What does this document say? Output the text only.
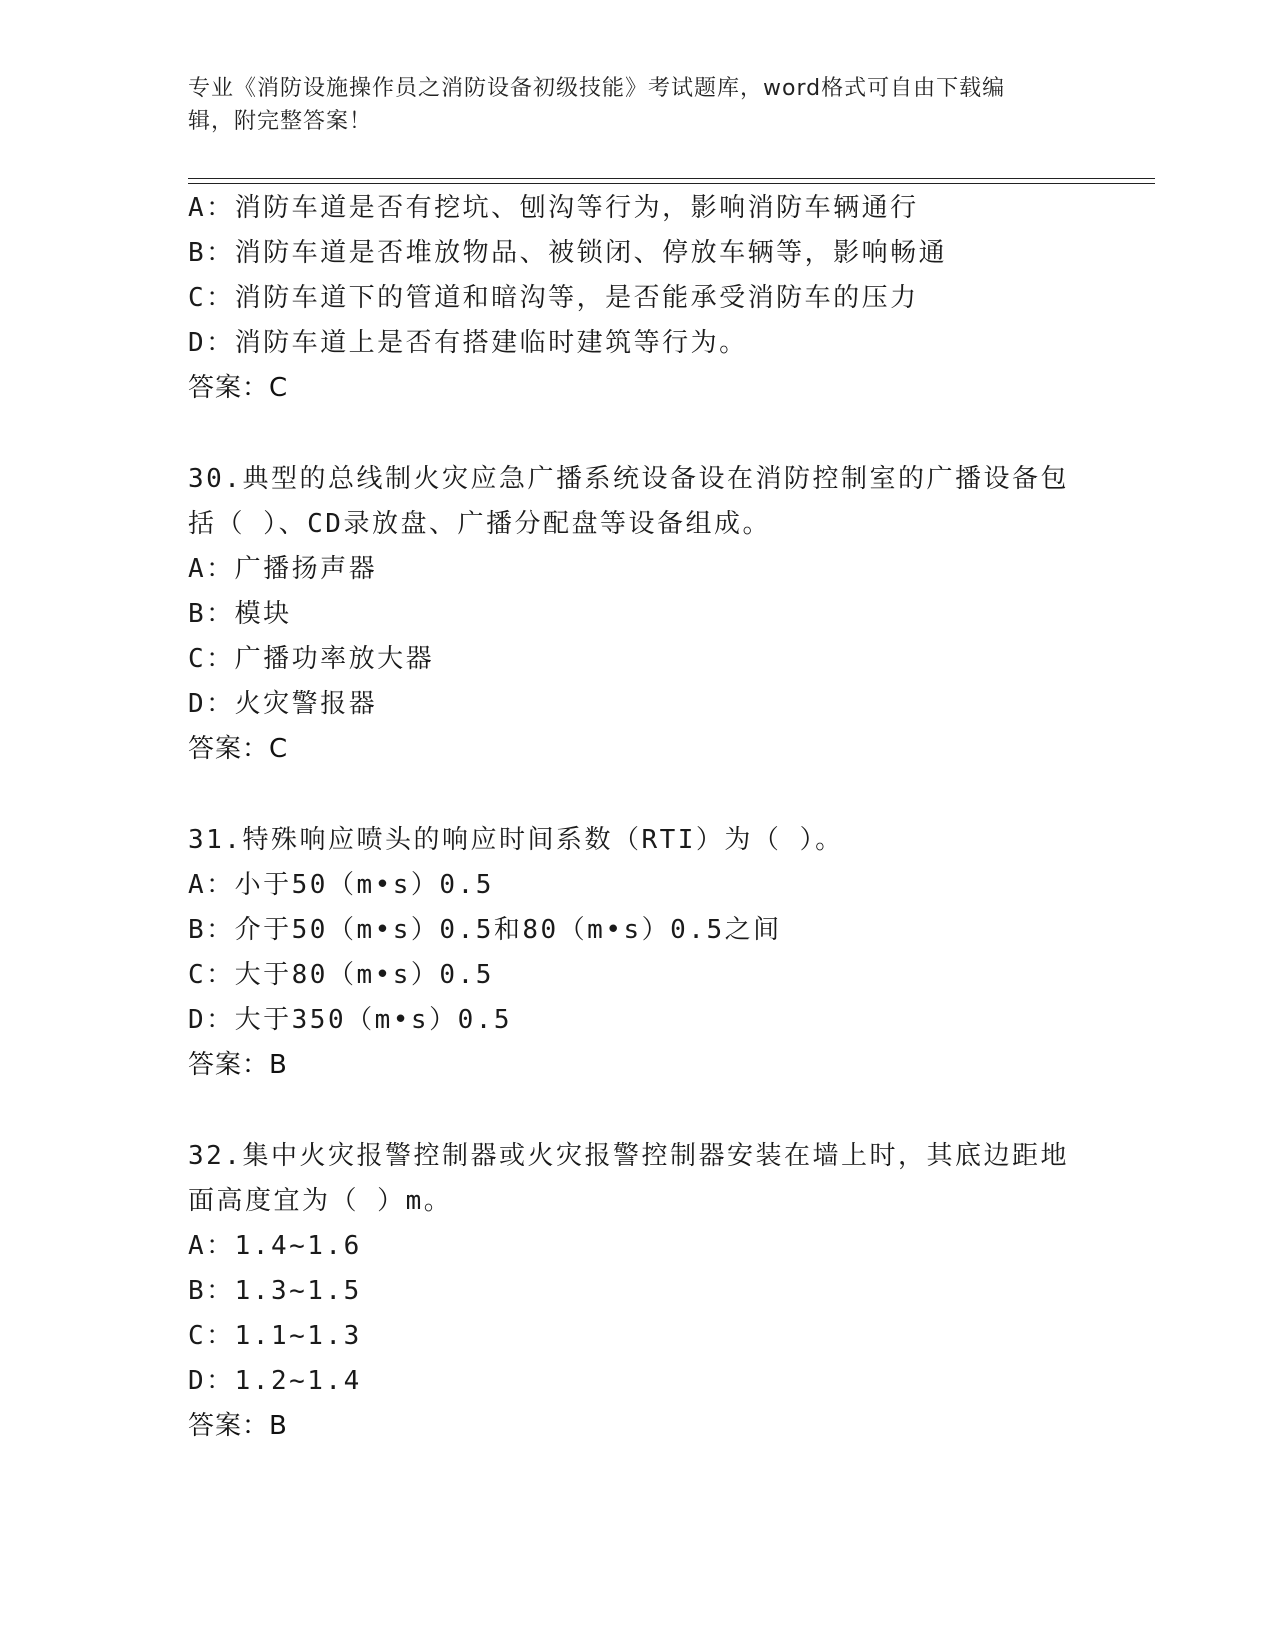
专业《消防设施操作员之消防设备初级技能》考试题库，word格式可自由下载编
辑，附完整答案！
A：消防车道是否有挖坑、刨沟等行为，影响消防车辆通行
B：消防车道是否堆放物品、被锁闭、停放车辆等，影响畅通
C：消防车道下的管道和暗沟等，是否能承受消防车的压力
D：消防车道上是否有搭建临时建筑等行为。
答案：C
30.典型的总线制火灾应急广播系统设备设在消防控制室的广播设备包
括（ ）、CD录放盘、广播分配盘等设备组成。
A：广播扬声器
B：模块
C：广播功率放大器
D：火灾警报器
答案：C
31.特殊响应喷头的响应时间系数（RTI）为（ ）。
A：小于50（m•s）0.5
B：介于50（m•s）0.5和80（m•s）0.5之间
C：大于80（m•s）0.5
D：大于350（m•s）0.5
答案：B
32.集中火灾报警控制器或火灾报警控制器安装在墙上时，其底边距地
面高度宜为（ ）m。
A：1.4~1.6
B：1.3~1.5
C：1.1~1.3
D：1.2~1.4
答案：B
